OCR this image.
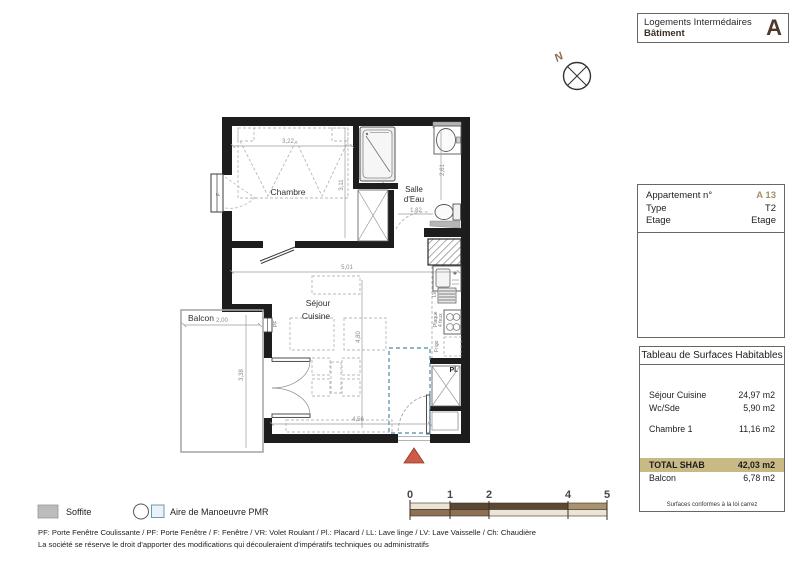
F
PF
Pl.
LV
Plaque 4 feux
Frigo
Pl.
3,22
3,11
2,61
1,82
5,01
4,80
4,56
2,00
3,38
Chambre	Salle
d'Eau
Séjour
Cuisine
Balcon
N
0	1	2	4	5
Logements Intermédaires
Bâtiment	A
Appartement n°	A 13
Type	T2
Etage	Etage
Tableau de Surfaces Habitables
Séjour Cuisine	24,97 m2
Wc/Sde	5,90 m2
Chambre 1	11,16 m2
TOTAL SHAB	42,03 m2
Balcon	6,78 m2
Surfaces conformes à la loi carrez
Soffite	Aire de Manoeuvre PMR
PF: Porte Fenêtre Coulissante / PF: Porte Fenêtre / F: Fenêtre / VR: Volet Roulant / Pl.: Placard / LL: Lave linge / LV: Lave Vaisselle / Ch: Chaudière
La société se réserve le droit d'apporter des modifications qui découleraient d'impératifs techniques ou administratifs
